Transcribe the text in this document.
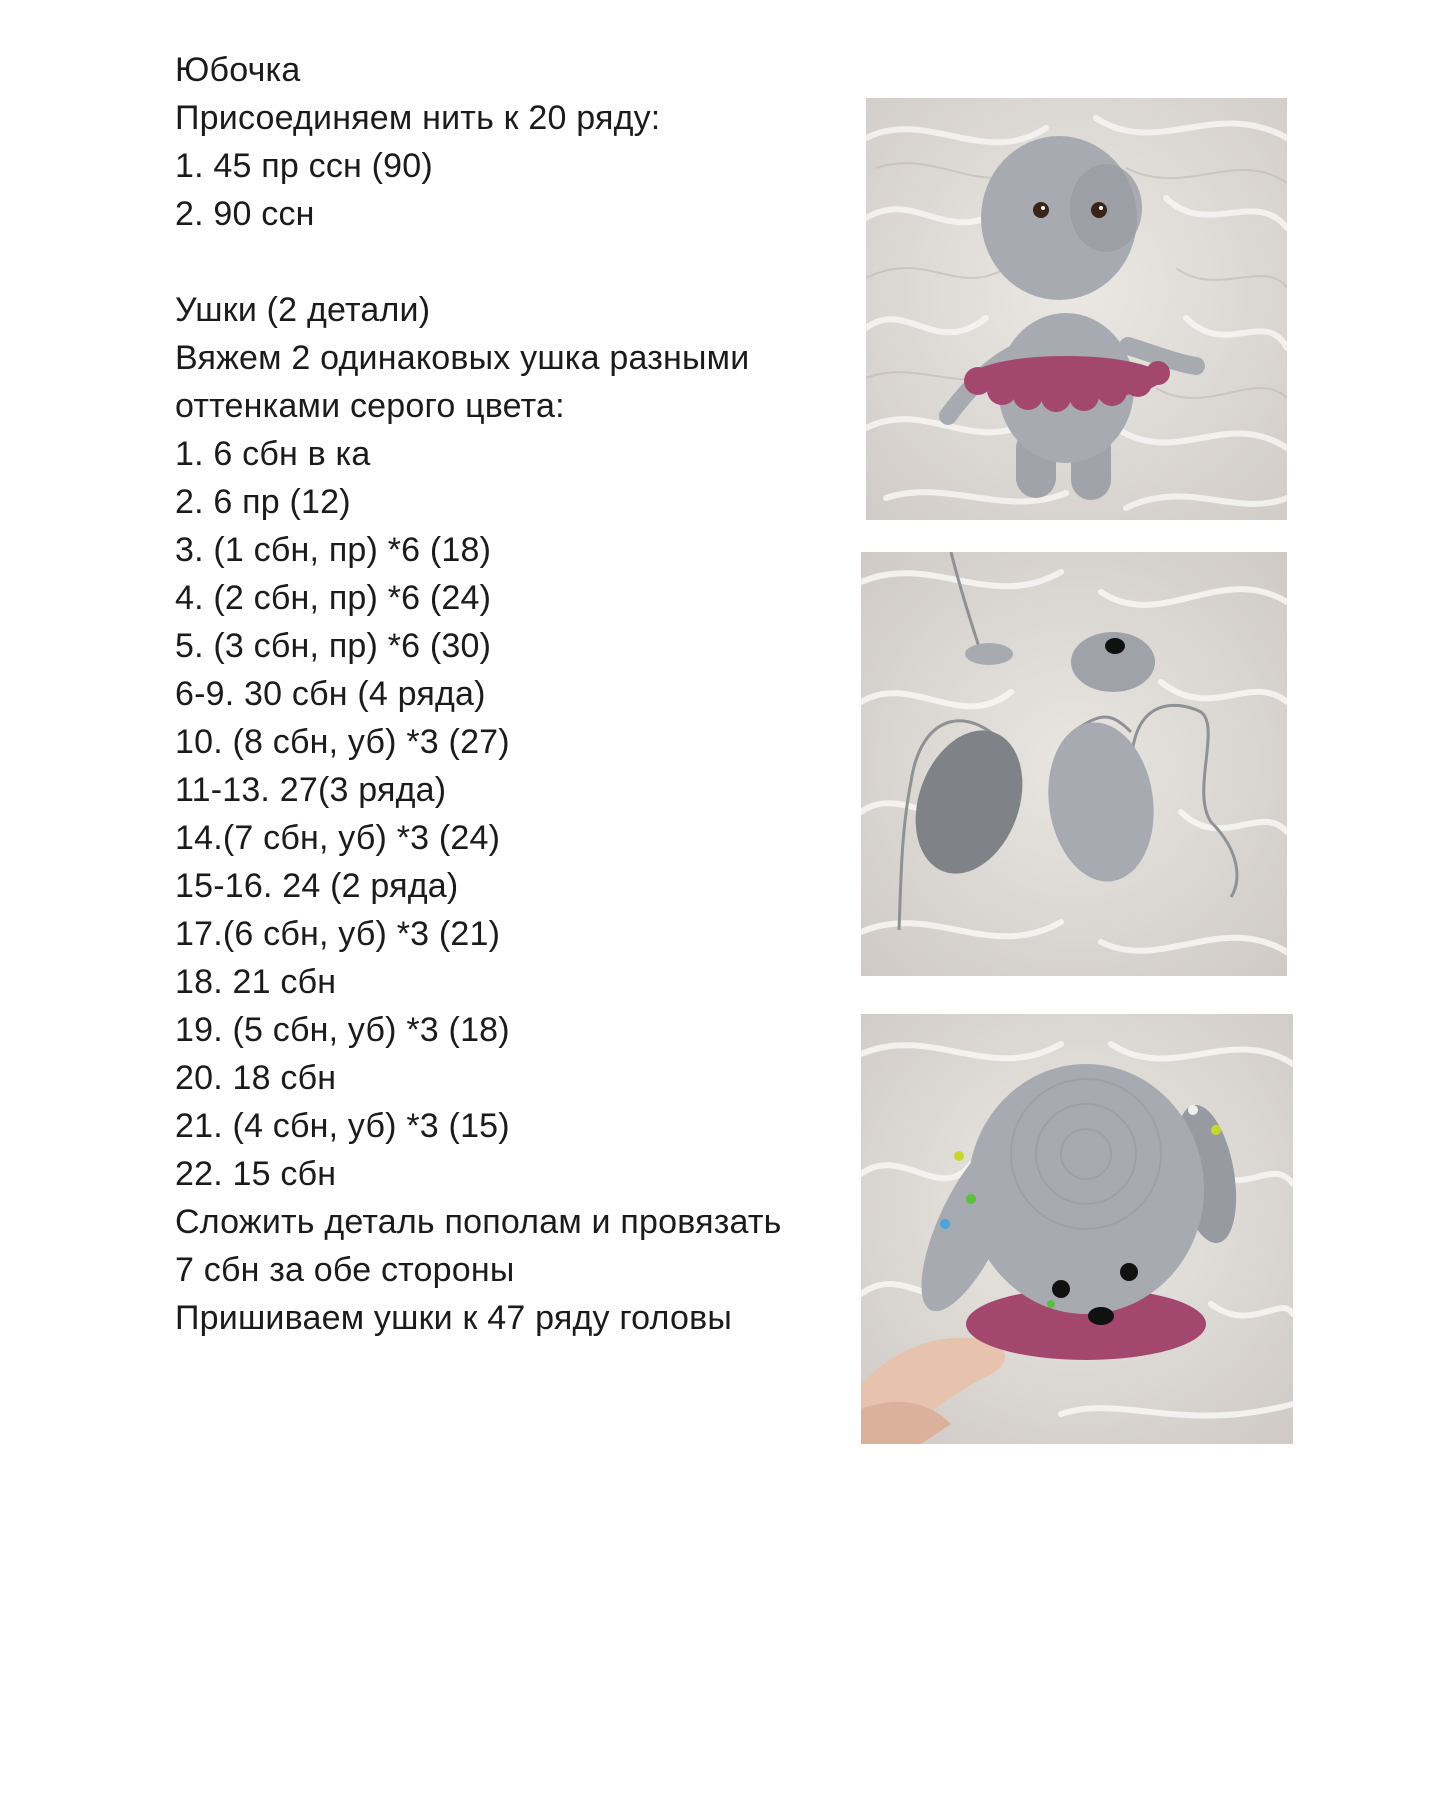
Юбочка
Присоединяем нить к 20 ряду:
1. 45 пр ссн (90)
2. 90 ссн
Ушки (2 детали)
Вяжем 2 одинаковых ушка разными
оттенками серого цвета:
1. 6 сбн в ка
2. 6 пр (12)
3. (1 сбн, пр) *6 (18)
4. (2 сбн, пр) *6 (24)
5. (3 сбн, пр) *6 (30)
6-9. 30 сбн (4 ряда)
10. (8 сбн, уб) *3 (27)
11-13. 27(3 ряда)
14.(7 сбн, уб) *3 (24)
15-16. 24 (2 ряда)
17.(6 сбн, уб) *3 (21)
18. 21 сбн
19. (5 сбн, уб) *3 (18)
20. 18 сбн
21. (4 сбн, уб) *3 (15)
22. 15 сбн
Сложить деталь пополам и провязать
7 сбн за обе стороны
Пришиваем ушки к 47 ряду головы
